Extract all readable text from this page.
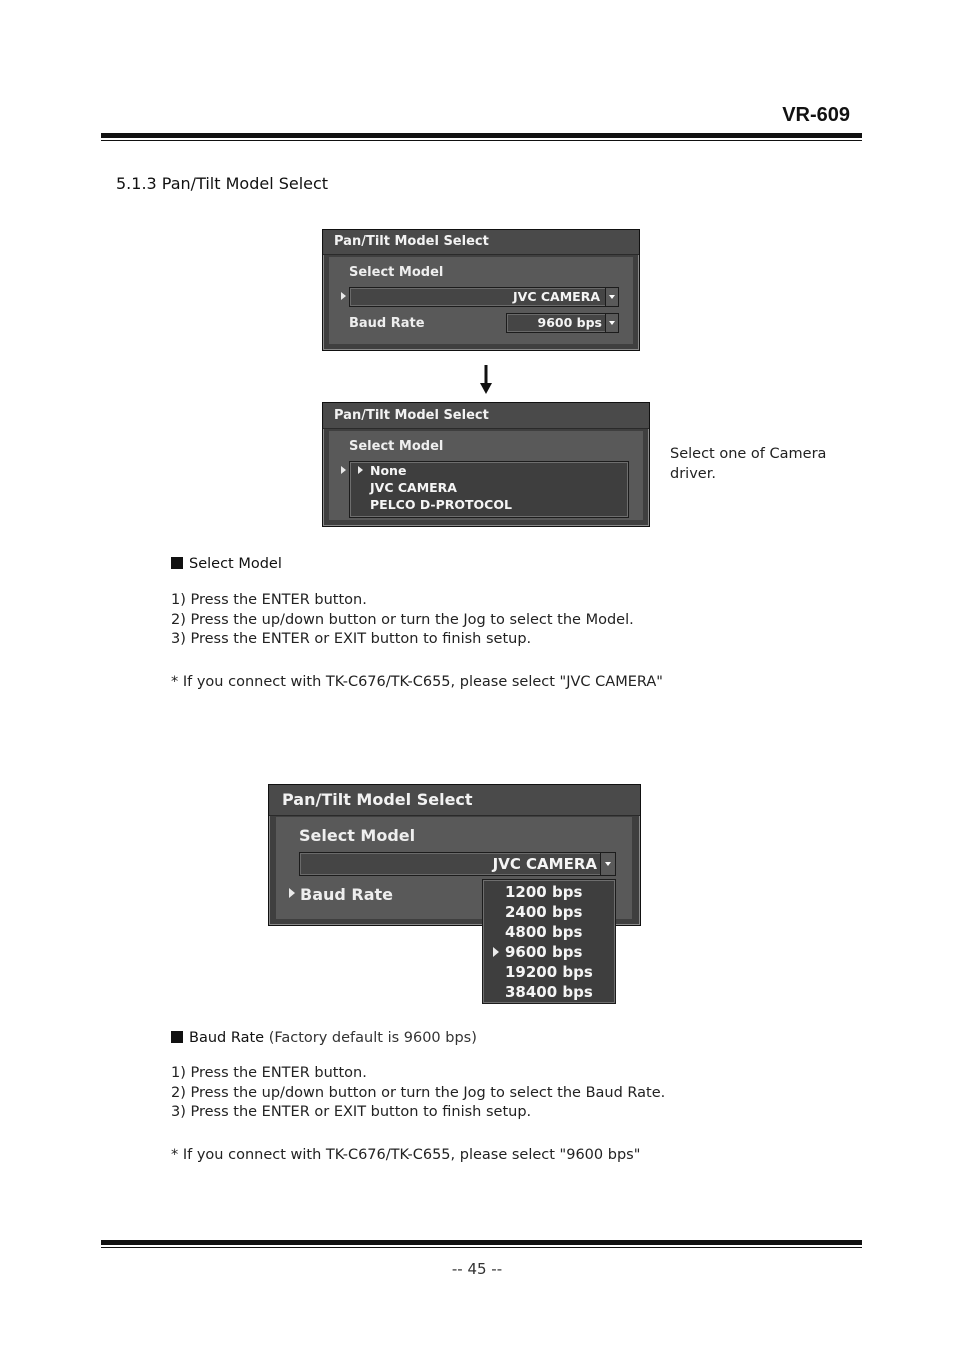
VR-609
5.1.3 Pan/Tilt Model Select
Pan/Tilt Model Select
Select Model
JVC CAMERA
Baud Rate	9600 bps
Pan/Tilt Model Select
Select Model
None
JVC CAMERA
PELCO D-PROTOCOL
Select one of Camera
driver.
Select Model
1) Press the ENTER button.
2) Press the up/down button or turn the Jog to select the Model.
3) Press the ENTER or EXIT button to finish setup.
* If you connect with TK-C676/TK-C655, please select "JVC CAMERA"
Pan/Tilt Model Select
Select Model
JVC CAMERA
Baud Rate	1200 bps
2400 bps
4800 bps
9600 bps
19200 bps
38400 bps
Baud Rate (Factory default is 9600 bps)
1) Press the ENTER button.
2) Press the up/down button or turn the Jog to select the Baud Rate.
3) Press the ENTER or EXIT button to finish setup.
* If you connect with TK-C676/TK-C655, please select "9600 bps"
-- 45 --
